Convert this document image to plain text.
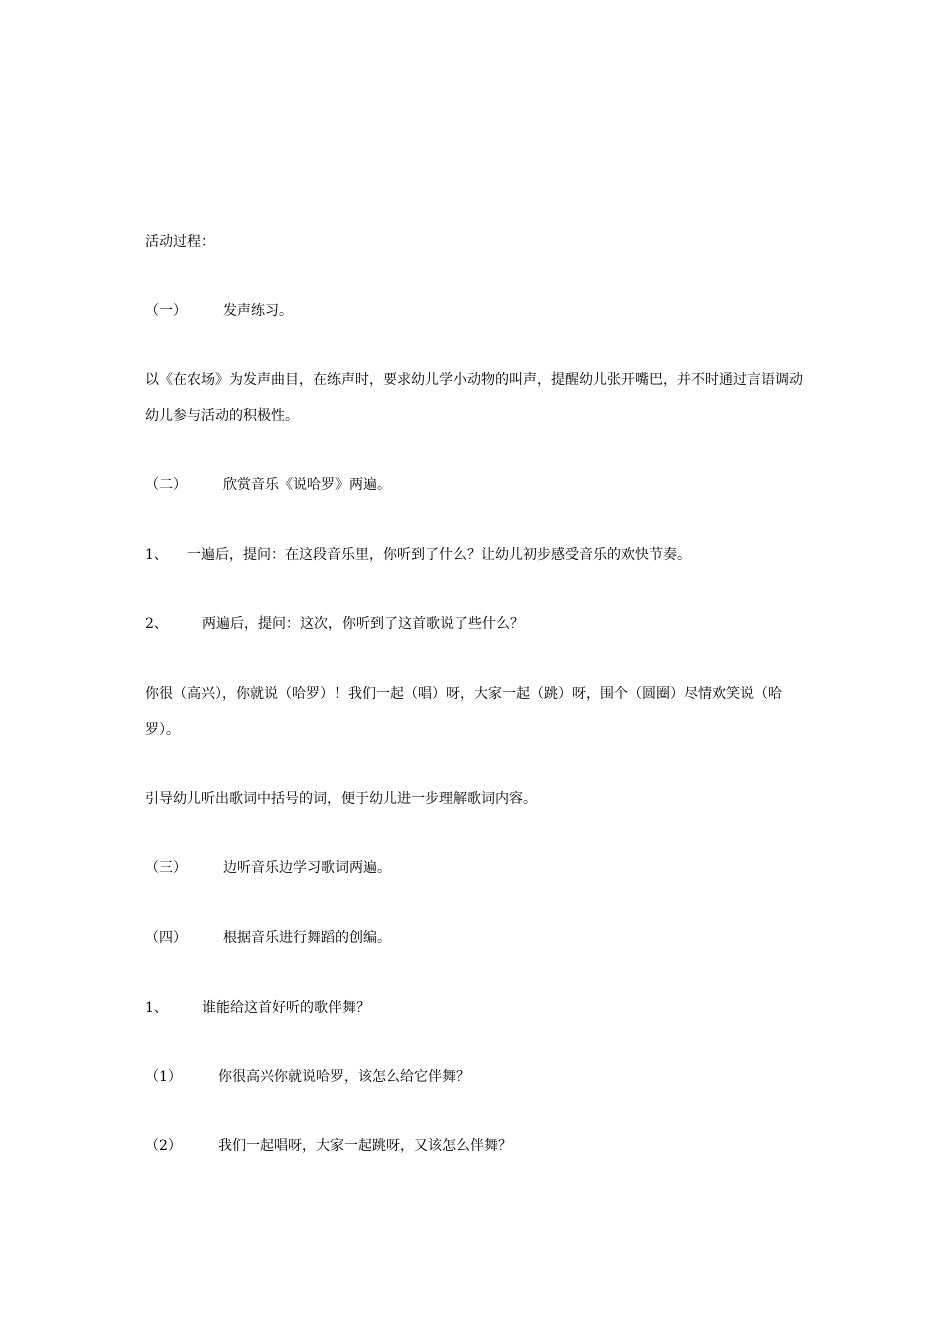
活动过程：
（一）	发声练习。
以《在农场》为发声曲目，在练声时，要求幼儿学小动物的叫声，提醒幼儿张开嘴巴，并不时通过言语调动幼儿参与活动的积极性。
（二）	欣赏音乐《说哈罗》两遍。
1、 一遍后，提问：在这段音乐里，你听到了什么？让幼儿初步感受音乐的欢快节奏。
2、 两遍后，提问：这次，你听到了这首歌说了些什么？
你很（高兴），你就说（哈罗）！我们一起（唱）呀，大家一起（跳）呀，围个（圆圈）尽情欢笑说（哈罗）。
引导幼儿听出歌词中括号的词，便于幼儿进一步理解歌词内容。
（三）	边听音乐边学习歌词两遍。
（四）	根据音乐进行舞蹈的创编。
1、 谁能给这首好听的歌伴舞？
（1）	你很高兴你就说哈罗，该怎么给它伴舞？
（2）	我们一起唱呀，大家一起跳呀，又该怎么伴舞？
